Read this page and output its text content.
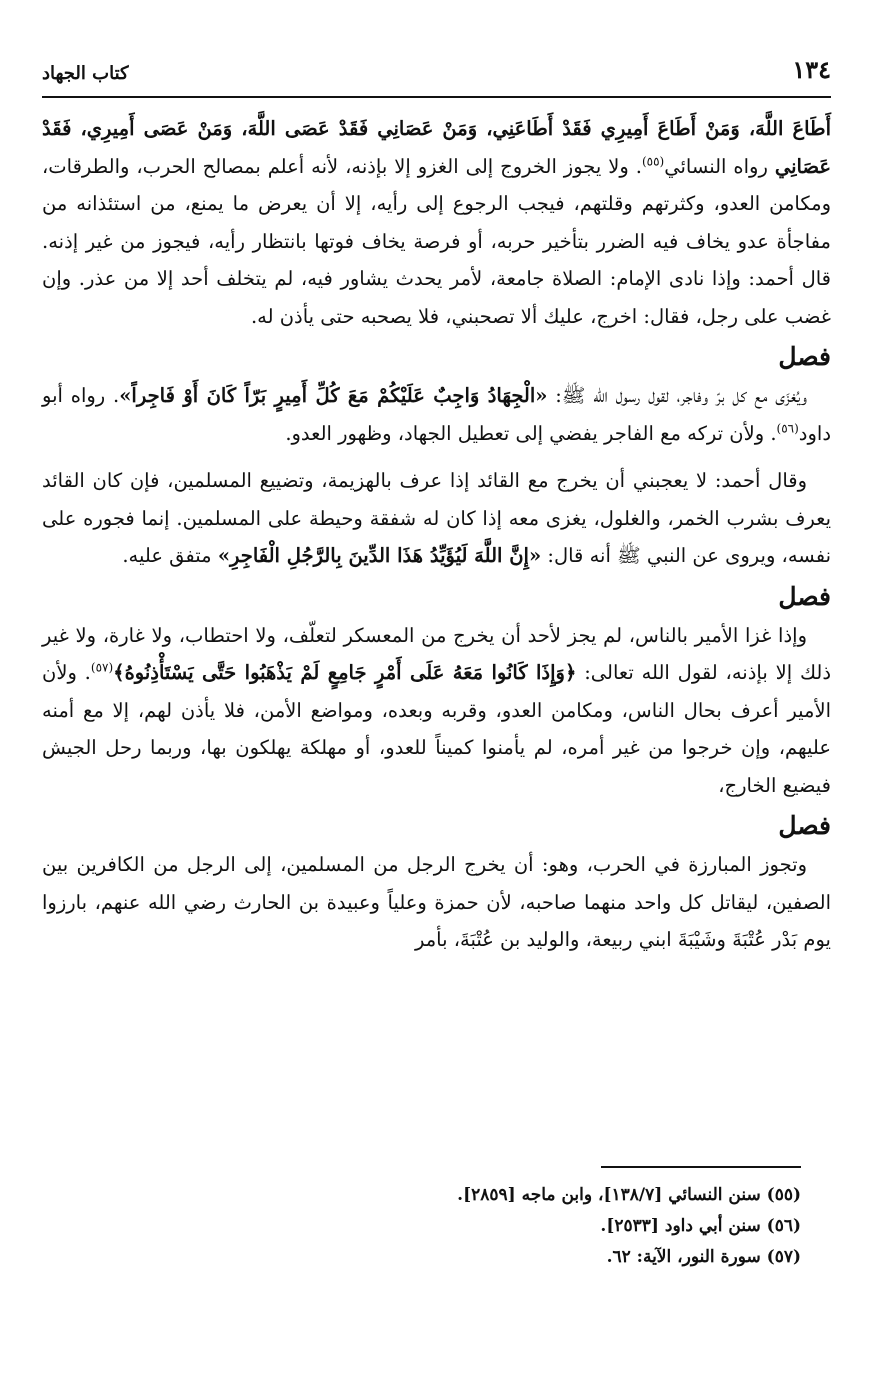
١٣٤
كتاب الجهاد

أَطَاعَ اللَّهَ، وَمَنْ أَطَاعَ أَمِيرِي فَقَدْ أَطَاعَنِي، وَمَنْ عَصَانِي فَقَدْ عَصَى اللَّهَ، وَمَنْ عَصَى أَمِيرِي، فَقَدْ عَصَانِي رواه النسائي$^{(٥٥)}$. ولا يجوز الخروج إلى الغزو إلا بإذنه، لأنه أعلم بمصالح الحرب، والطرقات، ومكامن العدو، وكثرتهم وقلتهم، فيجب الرجوع إلى رأيه، إلا أن يعرض ما يمنع، من استئذانه من مفاجأة عدو يخاف فيه الضرر بتأخير حربه، أو فرصة يخاف فوتها بانتظار رأيه، فيجوز من غير إذنه. قال أحمد: وإذا نادى الإمام: الصلاة جامعة، لأمر يحدث يشاور فيه، لم يتخلف أحد إلا من عذر. وإن غضب على رجل، فقال: اخرج، عليك ألا تصحبني، فلا يصحبه حتى يأذن له.

فصل

ويُغزَى مع كل برّ وفاجر، لقول رسول الله ﷺ: «الْجِهَادُ وَاجِبٌ عَلَيْكُمْ مَعَ كُلِّ أَمِيرٍ بَرّاً كَانَ أَوْ فَاجِراً». رواه أبو داود$^{(٥٦)}$. ولأن تركه مع الفاجر يفضي إلى تعطيل الجهاد، وظهور العدو.

وقال أحمد: لا يعجبني أن يخرج مع القائد إذا عرف بالهزيمة، وتضييع المسلمين، فإن كان القائد يعرف بشرب الخمر، والغلول، يغزى معه إذا كان له شفقة وحيطة على المسلمين. إنما فجوره على نفسه، ويروى عن النبي ﷺ أنه قال: «إِنَّ اللَّهَ لَيُؤَيِّدُ هَذَا الدِّينَ بِالرَّجُلِ الْفَاجِرِ» متفق عليه.

فصل

وإذا غزا الأمير بالناس، لم يجز لأحد أن يخرج من المعسكر لتعلّف، ولا احتطاب، ولا غارة، ولا غير ذلك إلا بإذنه، لقول الله تعالى: ﴿وَإِذَا كَانُوا مَعَهُ عَلَى أَمْرٍ جَامِعٍ لَمْ يَذْهَبُوا حَتَّى يَسْتَأْذِنُوهُ﴾$^{(٥٧)}$. ولأن الأمير أعرف بحال الناس، ومكامن العدو، وقربه وبعده، ومواضع الأمن، فلا يأذن لهم، إلا مع أمنه عليهم، وإن خرجوا من غير أمره، لم يأمنوا كميناً للعدو، أو مهلكة يهلكون بها، وربما رحل الجيش فيضيع الخارج،

فصل

وتجوز المبارزة في الحرب، وهو: أن يخرج الرجل من المسلمين، إلى الرجل من الكافرين بين الصفين، ليقاتل كل واحد منهما صاحبه، لأن حمزة وعلياً وعبيدة بن الحارث رضي الله عنهم، بارزوا يوم بَدْر عُتْبَةَ وشَيْبَةَ ابني ربيعة، والوليد بن عُتْبَةَ، بأمر

(٥٥) سنن النسائي [١٣٨/٧]، وابن ماجه [٢٨٥٩].
(٥٦) سنن أبي داود [٢٥٣٣].
(٥٧) سورة النور، الآية: ٦٢.
